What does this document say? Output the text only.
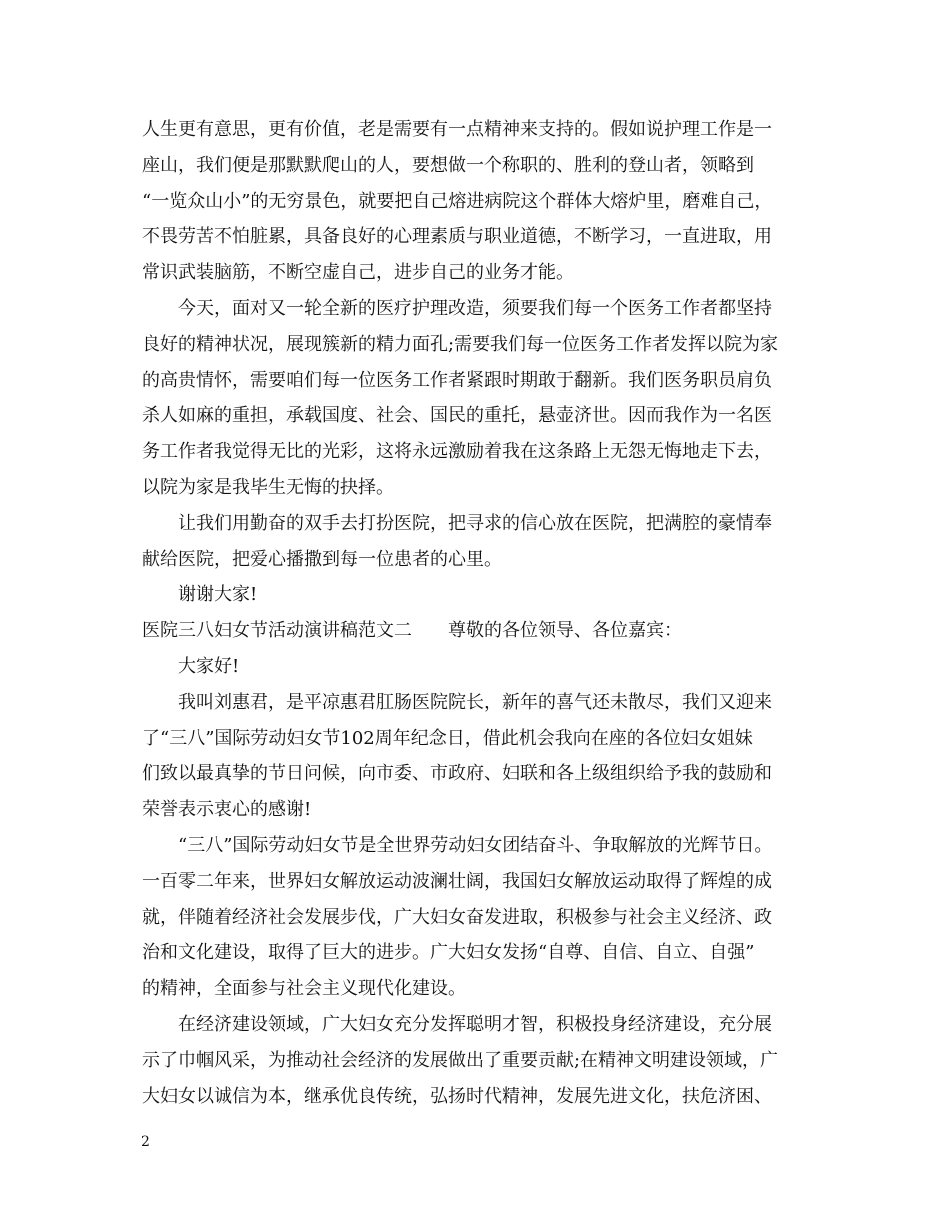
人生更有意思，更有价值，老是需要有一点精神来支持的。假如说护理工作是一
座山，我们便是那默默爬山的人，要想做一个称职的、胜利的登山者，领略到
“一览众山小”的无穷景色，就要把自己熔进病院这个群体大熔炉里，磨难自己，
不畏劳苦不怕脏累，具备良好的心理素质与职业道德，不断学习，一直进取，用
常识武装脑筋，不断空虚自己，进步自己的业务才能。
今天，面对又一轮全新的医疗护理改造，须要我们每一个医务工作者都坚持
良好的精神状况，展现簇新的精力面孔;需要我们每一位医务工作者发挥以院为家
的高贵情怀，需要咱们每一位医务工作者紧跟时期敢于翻新。我们医务职员肩负
杀人如麻的重担，承载国度、社会、国民的重托，悬壶济世。因而我作为一名医
务工作者我觉得无比的光彩，这将永远激励着我在这条路上无怨无悔地走下去，
以院为家是我毕生无悔的抉择。
让我们用勤奋的双手去打扮医院，把寻求的信心放在医院，把满腔的豪情奉
献给医院，把爱心播撒到每一位患者的心里。
谢谢大家!
医院三八妇女节活动演讲稿范文二 尊敬的各位领导、各位嘉宾：
大家好!
我叫刘惠君，是平凉惠君肛肠医院院长，新年的喜气还未散尽，我们又迎来
了“三八”国际劳动妇女节102周年纪念日，借此机会我向在座的各位妇女姐妹
们致以最真挚的节日问候，向市委、市政府、妇联和各上级组织给予我的鼓励和
荣誉表示衷心的感谢!
“三八”国际劳动妇女节是全世界劳动妇女团结奋斗、争取解放的光辉节日。
一百零二年来，世界妇女解放运动波澜壮阔，我国妇女解放运动取得了辉煌的成
就，伴随着经济社会发展步伐，广大妇女奋发进取，积极参与社会主义经济、政
治和文化建设，取得了巨大的进步。广大妇女发扬“自尊、自信、自立、自强”
的精神，全面参与社会主义现代化建设。
在经济建设领域，广大妇女充分发挥聪明才智，积极投身经济建设，充分展
示了巾帼风采，为推动社会经济的发展做出了重要贡献;在精神文明建设领域，广
大妇女以诚信为本，继承优良传统，弘扬时代精神，发展先进文化，扶危济困、
2
